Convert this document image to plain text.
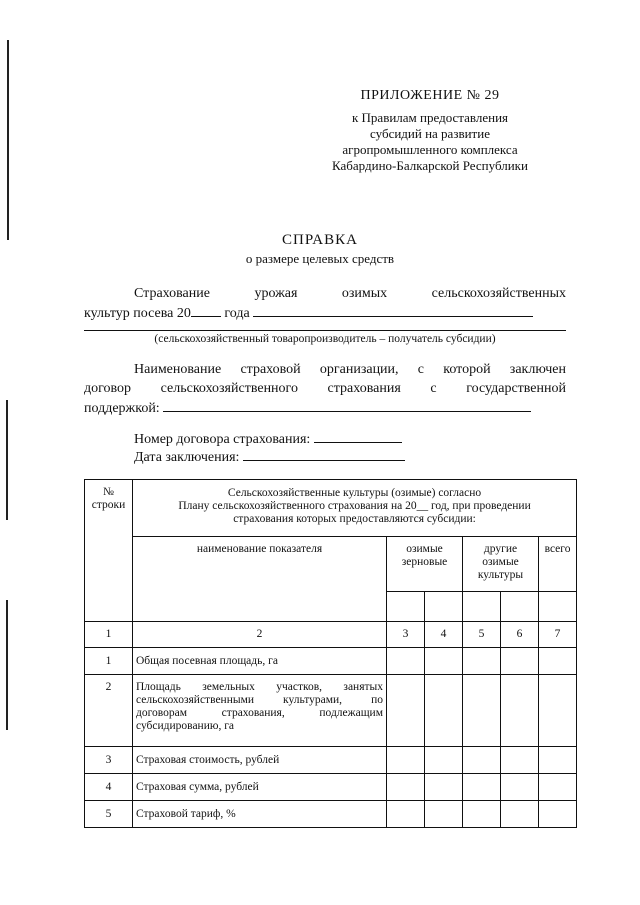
ПРИЛОЖЕНИЕ № 29
к Правилам предоставления
субсидий на развитие
агропромышленного комплекса
Кабардино-Балкарской Республики
СПРАВКА
о размере целевых средств
Страхование	урожая	озимых	сельскохозяйственных
культур посева 20 года
(сельскохозяйственный товаропроизводитель – получатель субсидии)
Наименование страховой организации, с которой заключен
договор сельскохозяйственного страхования с государственной
поддержкой:
Номер договора страхования:
Дата заключения:
№ строки	Сельскохозяйственные культуры (озимые) согласно
Плану сельскохозяйственного страхования на 20__ год, при проведении
страхования которых предоставляются субсидии:					

	наименование показателя	озимые зерновые		другие озимые культуры		всего

1	2	3	4	5	6	7
1	Общая посевная площадь, га					
2	Площадь земельных участков, занятых сельскохозяйственными культурами, по договорам страхования, подлежащим субсидированию, га					
3	Страховая стоимость, рублей					
4	Страховая сумма, рублей					
5	Страховой тариф, %					
